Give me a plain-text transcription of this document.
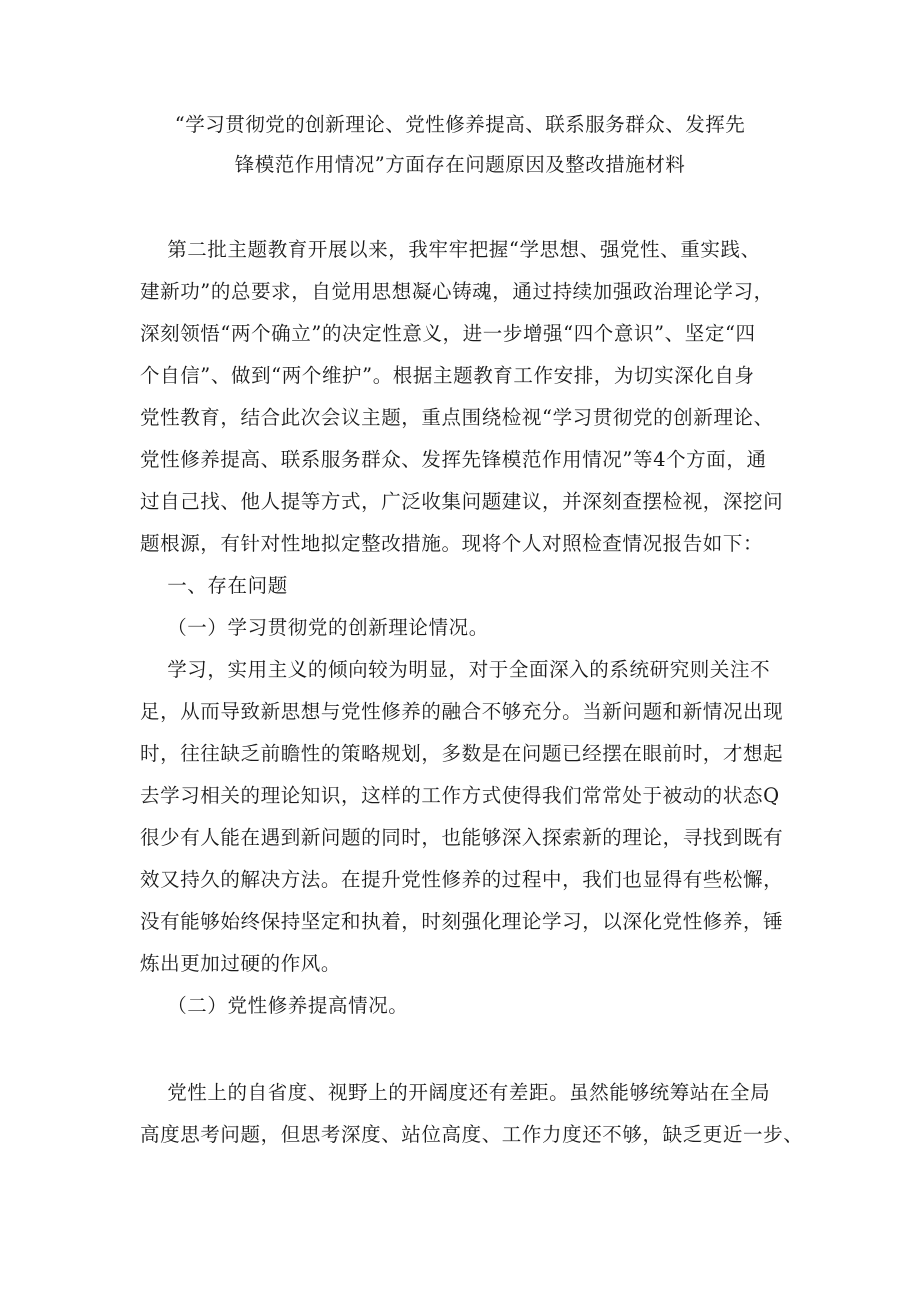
“学习贯彻党的创新理论、党性修养提高、联系服务群众、发挥先
锋模范作用情况”方面存在问题原因及整改措施材料
第二批主题教育开展以来，我牢牢把握“学思想、强党性、重实践、
建新功”的总要求，自觉用思想凝心铸魂，通过持续加强政治理论学习，
深刻领悟“两个确立”的决定性意义，进一步增强“四个意识”、坚定“四
个自信”、做到“两个维护”。根据主题教育工作安排，为切实深化自身
党性教育，结合此次会议主题，重点围绕检视“学习贯彻党的创新理论、
党性修养提高、联系服务群众、发挥先锋模范作用情况”等4个方面，通
过自己找、他人提等方式，广泛收集问题建议，并深刻查摆检视，深挖问
题根源，有针对性地拟定整改措施。现将个人对照检查情况报告如下：
一、存在问题
（一）学习贯彻党的创新理论情况。
学习，实用主义的倾向较为明显，对于全面深入的系统研究则关注不
足，从而导致新思想与党性修养的融合不够充分。当新问题和新情况出现
时，往往缺乏前瞻性的策略规划，多数是在问题已经摆在眼前时，才想起
去学习相关的理论知识，这样的工作方式使得我们常常处于被动的状态Q
很少有人能在遇到新问题的同时，也能够深入探索新的理论，寻找到既有
效又持久的解决方法。在提升党性修养的过程中，我们也显得有些松懈，
没有能够始终保持坚定和执着，时刻强化理论学习，以深化党性修养，锤
炼出更加过硬的作风。
（二）党性修养提高情况。
党性上的自省度、视野上的开阔度还有差距。虽然能够统筹站在全局
高度思考问题，但思考深度、站位高度、工作力度还不够，缺乏更近一步、
